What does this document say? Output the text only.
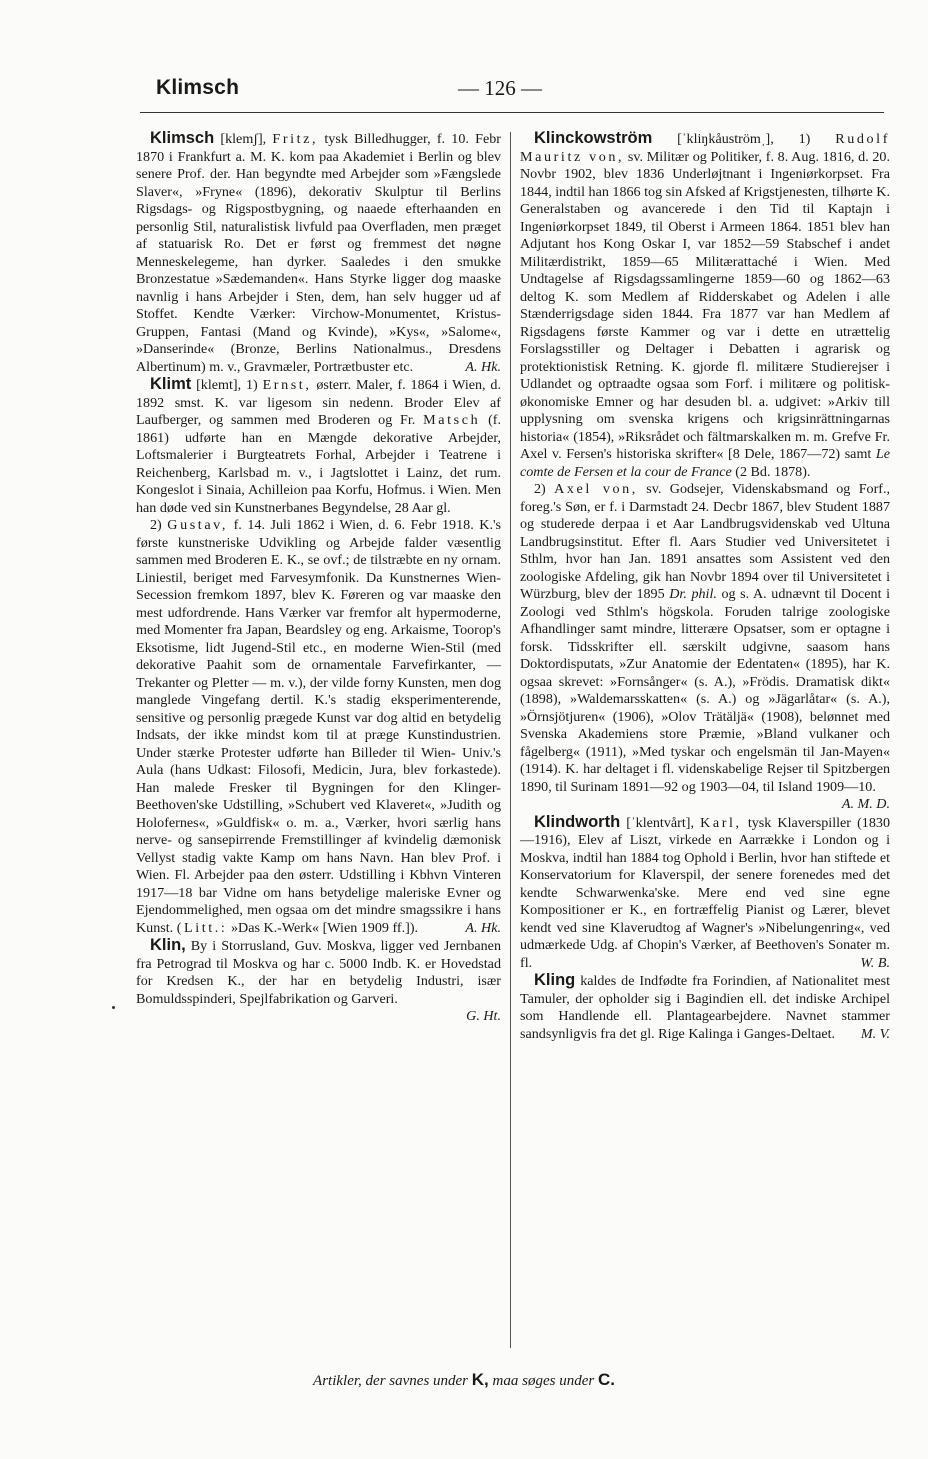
Klimsch	— 126 —

Klimsch [klemʃ], Fritz, tysk Billedhugger, f. 10. Febr 1870 i Frankfurt a. M. K. kom paa Akademiet i Berlin og blev senere Prof. der. Han begyndte med Arbejder som »Fængslede Slaver«, »Fryne« (1896), dekorativ Skulptur til Berlins Rigsdags- og Rigspostbygning, og naaede efterhaanden en personlig Stil, naturalistisk livfuld paa Overfladen, men præget af statuarisk Ro. Det er først og fremmest det nøgne Menneskelegeme, han dyrker. Saaledes i den smukke Bronzestatue »Sædemanden«. Hans Styrke ligger dog maaske navnlig i hans Arbejder i Sten, dem, han selv hugger ud af Stoffet. Kendte Værker: Virchow-Monumentet, Kristus-Gruppen, Fantasi (Mand og Kvinde), »Kys«, »Salome«, »Danserinde« (Bronze, Berlins Nationalmus., Dresdens Albertinum) m. v., Gravmæler, Portrætbuster etc.	A. Hk.

Klimt [klemt], 1) Ernst, østerr. Maler, f. 1864 i Wien, d. 1892 smst. K. var ligesom sin nedenn. Broder Elev af Laufberger, og sammen med Broderen og Fr. Matsch (f. 1861) udførte han en Mængde dekorative Arbejder, Loftsmalerier i Burgteatrets Forhal, Arbejder i Teatrene i Reichenberg, Karlsbad m. v., i Jagtslottet i Lainz, det rum. Kongeslot i Sinaia, Achilleion paa Korfu, Hofmus. i Wien. Men han døde ved sin Kunstnerbanes Begyndelse, 28 Aar gl.

2) Gustav, f. 14. Juli 1862 i Wien, d. 6. Febr 1918. K.'s første kunstneriske Udvikling og Arbejde falder væsentlig sammen med Broderen E. K., se ovf.; de tilstræbte en ny ornam. Liniestil, beriget med Farvesymfonik. Da Kunstnernes Wien-Secession fremkom 1897, blev K. Føreren og var maaske den mest udfordrende. Hans Værker var fremfor alt hypermoderne, med Momenter fra Japan, Beardsley og eng. Arkaisme, Toorop's Eksotisme, lidt Jugend-Stil etc., en moderne Wien-Stil (med dekorative Paahit som de ornamentale Farvefirkanter, — Trekanter og Pletter — m. v.), der vilde forny Kunsten, men dog manglede Vingefang dertil. K.'s stadig eksperimenterende, sensitive og personlig prægede Kunst var dog altid en betydelig Indsats, der ikke mindst kom til at præge Kunstindustrien. Under stærke Protester udførte han Billeder til Wien- Univ.'s Aula (hans Udkast: Filosofi, Medicin, Jura, blev forkastede). Han malede Fresker til Bygningen for den Klinger-Beethoven'ske Udstilling, »Schubert ved Klaveret«, »Judith og Holofernes«, »Guldfisk« o. m. a., Værker, hvori særlig hans nerve- og sansepirrende Fremstillinger af kvindelig dæmonisk Vellyst stadig vakte Kamp om hans Navn. Han blev Prof. i Wien. Fl. Arbejder paa den østerr. Udstilling i Kbhvn Vinteren 1917—18 bar Vidne om hans betydelige maleriske Evner og Ejendommelighed, men ogsaa om det mindre smagssikre i hans Kunst. (Litt.: »Das K.-Werk« [Wien 1909 ff.]).	A. Hk.

Klin, By i Storrusland, Guv. Moskva, ligger ved Jernbanen fra Petrograd til Moskva og har c. 5000 Indb. K. er Hovedstad for Kredsen K., der har en betydelig Industri, især Bomuldsspinderi, Spejlfabrikation og Garveri.

G. Ht.

Klinckowström [ˈkliŋkåuströmˌ], 1) Rudolf Mauritz von, sv. Militær og Politiker, f. 8. Aug. 1816, d. 20. Novbr 1902, blev 1836 Underløjtnant i Ingeniørkorpset. Fra 1844, indtil han 1866 tog sin Afsked af Krigstjenesten, tilhørte K. Generalstaben og avancerede i den Tid til Kaptajn i Ingeniørkorpset 1849, til Oberst i Armeen 1864. 1851 blev han Adjutant hos Kong Oskar I, var 1852—59 Stabschef i andet Militærdistrikt, 1859—65 Militærattaché i Wien. Med Undtagelse af Rigsdagssamlingerne 1859—60 og 1862—63 deltog K. som Medlem af Ridderskabet og Adelen i alle Stænderrigsdage siden 1844. Fra 1877 var han Medlem af Rigsdagens første Kammer og var i dette en utrættelig Forslagsstiller og Deltager i Debatten i agrarisk og protektionistisk Retning. K. gjorde fl. militære Studierejser i Udlandet og optraadte ogsaa som Forf. i militære og politisk-økonomiske Emner og har desuden bl. a. udgivet: »Arkiv till upplysning om svenska krigens och krigsinrättningarnas historia« (1854), »Riksrådet och fältmarskalken m. m. Grefve Fr. Axel v. Fersen's historiska skrifter« [8 Dele, 1867—72) samt Le comte de Fersen et la cour de France (2 Bd. 1878).

2) Axel von, sv. Godsejer, Videnskabsmand og Forf., foreg.'s Søn, er f. i Darmstadt 24. Decbr 1867, blev Student 1887 og studerede derpaa i et Aar Landbrugsvidenskab ved Ultuna Landbrugsinstitut. Efter fl. Aars Studier ved Universitetet i Sthlm, hvor han Jan. 1891 ansattes som Assistent ved den zoologiske Afdeling, gik han Novbr 1894 over til Universitetet i Würzburg, blev der 1895 Dr. phil. og s. A. udnævnt til Docent i Zoologi ved Sthlm's högskola. Foruden talrige zoologiske Afhandlinger samt mindre, litterære Opsatser, som er optagne i forsk. Tidsskrifter ell. særskilt udgivne, saasom hans Doktordisputats, »Zur Anatomie der Edentaten« (1895), har K. ogsaa skrevet: »Fornsånger« (s. A.), »Frödis. Dramatisk dikt« (1898), »Waldemarsskatten« (s. A.) og »Jägarlåtar« (s. A.), »Örnsjötjuren« (1906), »Olov Trätäljä« (1908), belønnet med Svenska Akademiens store Præmie, »Bland vulkaner och fågelberg« (1911), »Med tyskar och engelsmän til Jan-Mayen« (1914). K. har deltaget i fl. videnskabelige Rejser til Spitzbergen 1890, til Surinam 1891—92 og 1903—04, til Island 1909—10.

A. M. D.

Klindworth [ˈklentvårt], Karl, tysk Klaverspiller (1830—1916), Elev af Liszt, virkede en Aarrække i London og i Moskva, indtil han 1884 tog Ophold i Berlin, hvor han stiftede et Konservatorium for Klaverspil, der senere forenedes med det kendte Schwarwenka'ske. Mere end ved sine egne Kompositioner er K., en fortræffelig Pianist og Lærer, blevet kendt ved sine Klaverudtog af Wagner's »Nibelungenring«, ved udmærkede Udg. af Chopin's Værker, af Beethoven's Sonater m. fl.	W. B.

Kling kaldes de Indfødte fra Forindien, af Nationalitet mest Tamuler, der opholder sig i Bagindien ell. det indiske Archipel som Handlende ell. Plantagearbejdere. Navnet stammer sandsynligvis fra det gl. Rige Kalinga i Ganges-Deltaet.	M. V.

Artikler, der savnes under K, maa søges under C.
